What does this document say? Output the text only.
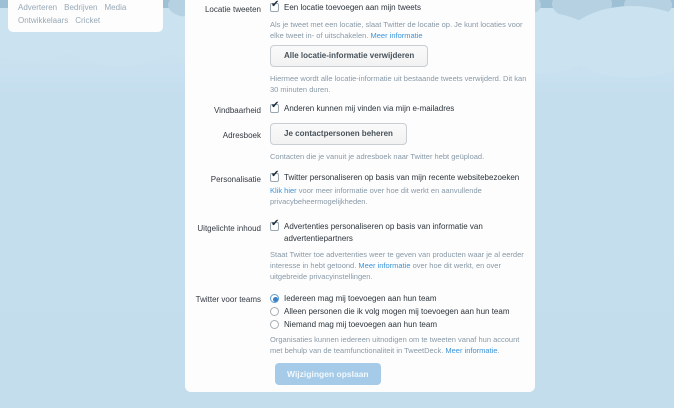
Adverteren Bedrijven Media
Ontwikkelaars Cricket
Locatie tweeten ✔ Een locatie toevoegen aan mijn tweets
Als je tweet met een locatie, slaat Twitter de locatie op. Je kunt locaties voor elke tweet in- of uitschakelen. Meer informatie
Alle locatie-informatie verwijderen
Hiermee wordt alle locatie-informatie uit bestaande tweets verwijderd. Dit kan 30 minuten duren.
Vindbaarheid ✔ Anderen kunnen mij vinden via mijn e-mailadres
Adresboek	Je contactpersonen beheren
Contacten die je vanuit je adresboek naar Twitter hebt geüpload.
Personalisatie ✔ Twitter personaliseren op basis van mijn recente websitebezoeken
Klik hier voor meer informatie over hoe dit werkt en aanvullende privacybeheermogelijkheden.
Uitgelichte inhoud ✔ Advertenties personaliseren op basis van informatie van advertentiepartners
Staat Twitter toe advertenties weer te geven van producten waar je al eerder interesse in hebt getoond. Meer informatie over hoe dit werkt, en over uitgebreide privacyinstellingen.
Twitter voor teams	Iedereen mag mij toevoegen aan hun team
Alleen personen die ik volg mogen mij toevoegen aan hun team
Niemand mag mij toevoegen aan hun team
Organisaties kunnen iedereen uitnodigen om te tweeten vanaf hun account met behulp van de teamfunctionaliteit in TweetDeck. Meer informatie.
Wijzigingen opslaan
